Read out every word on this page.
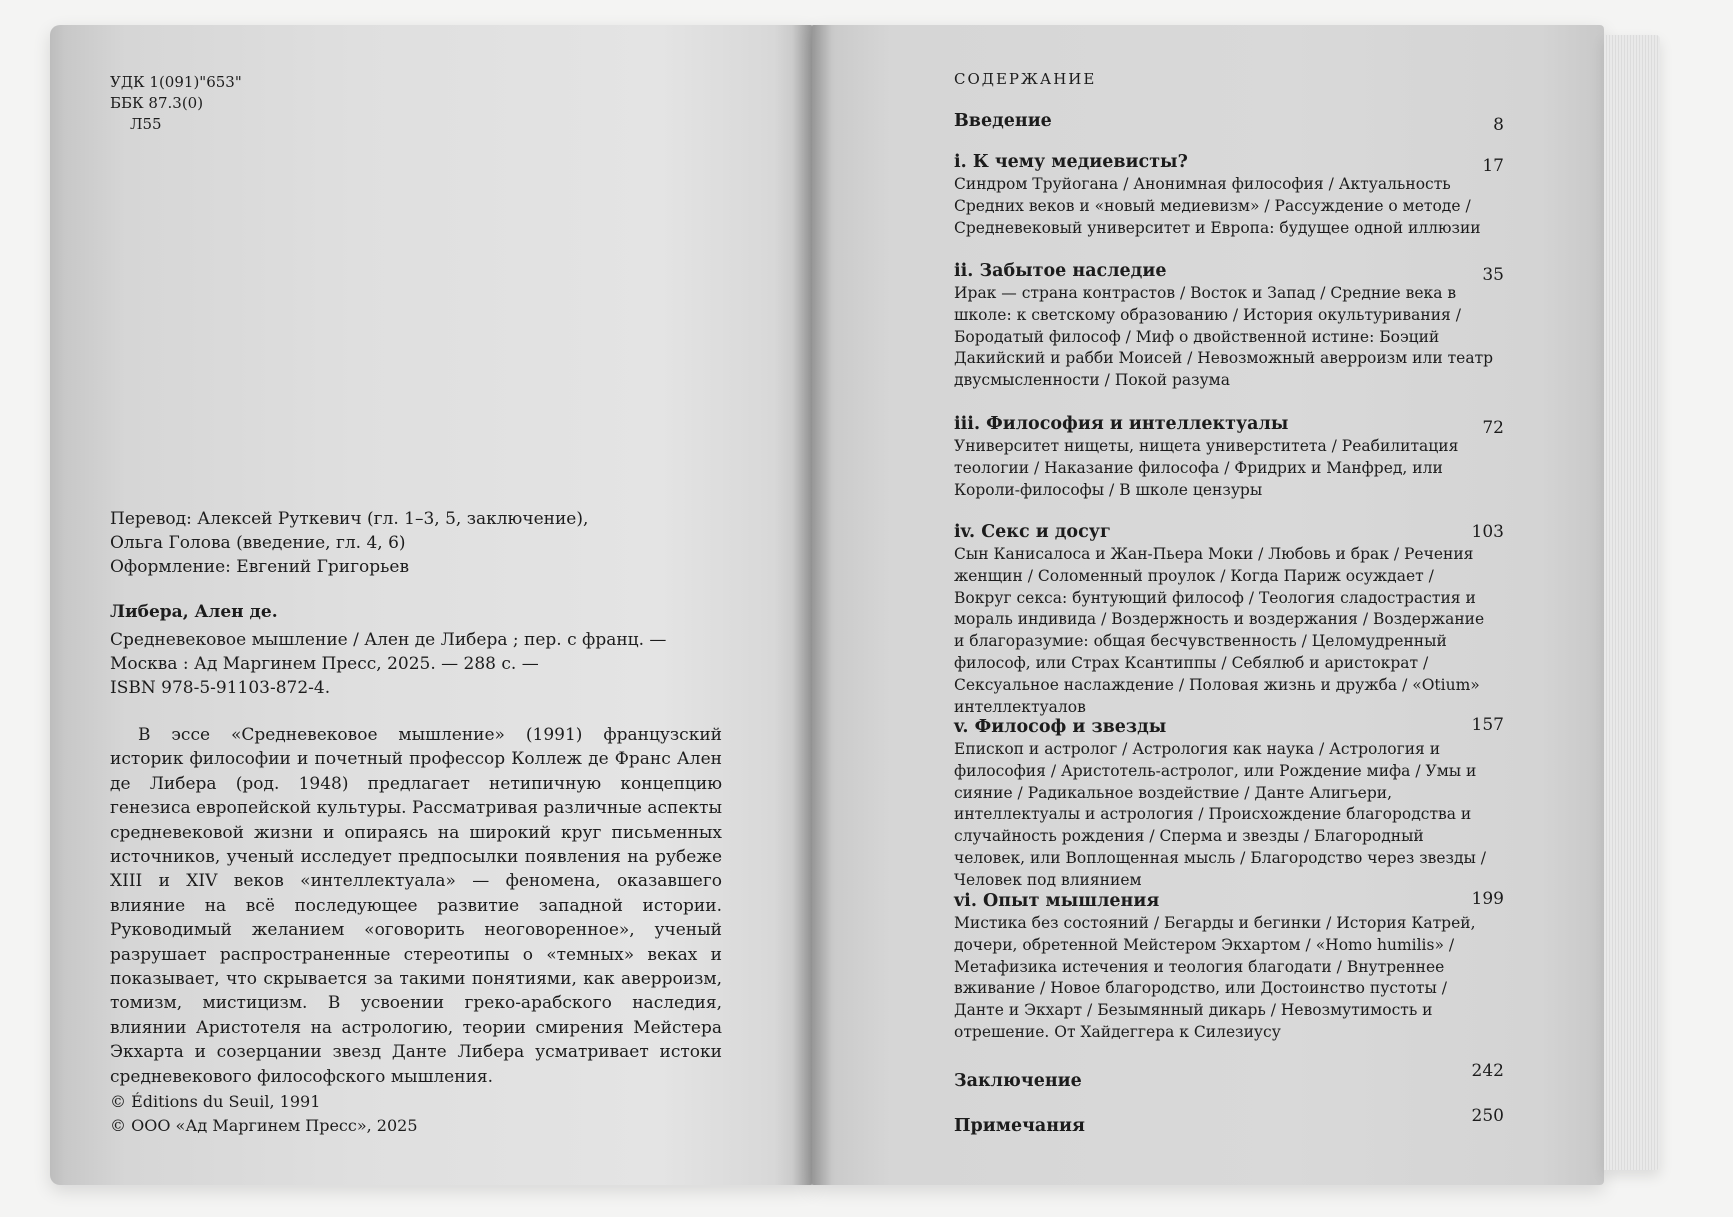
УДК 1(091)"653"
ББК 87.3(0)
Л55
Перевод: Алексей Руткевич (гл. 1–3, 5, заключение),
Ольга Голова (введение, гл. 4, 6)
Оформление: Евгений Григорьев
Либера, Ален де.
Средневековое мышление / Ален де Либера ; пер. с франц. —
Москва : Ад Маргинем Пресс, 2025. — 288 с. —
ISBN 978-5-91103-872-4.
В эссе «Средневековое мышление» (1991) французский историк философии и почетный профессор Коллеж де Франс Ален де Либера (род. 1948) предлагает нетипичную концепцию генезиса европейской культуры. Рассматривая различные аспекты средневековой жизни и опираясь на широкий круг письменных источников, ученый исследует предпосылки появления на рубеже XIII и XIV веков «интеллектуала» — феномена, оказавшего влияние на всё последующее развитие западной истории. Руководимый желанием «оговорить неоговоренное», ученый разрушает распространенные стереотипы о «темных» веках и показывает, что скрывается за такими понятиями, как аверроизм, томизм, мистицизм. В усвоении греко-арабского наследия, влиянии Аристотеля на астрологию, теории смирения Мейстера Экхарта и созерцании звезд Данте Либера усматривает истоки средневекового философского мышления.
© Éditions du Seuil, 1991
© ООО «Ад Маргинем Пресс», 2025
СОДЕРЖАНИЕ
Введение	8
i. К чему медиевисты?	17
Синдром Труйогана / Анонимная философия / Актуальность Средних веков и «новый медиевизм» / Рассуждение о методе / Средневековый университет и Европа: будущее одной иллюзии
ii. Забытое наследие	35
Ирак — страна контрастов / Восток и Запад / Средние века в школе: к светскому образованию / История окультуривания / Бородатый философ / Миф о двойственной истине: Боэций Дакийский и рабби Моисей / Невозможный аверроизм или театр двусмысленности / Покой разума
iii. Философия и интеллектуалы	72
Университет нищеты, нищета универститета / Реабилитация теологии / Наказание философа / Фридрих и Манфред, или Короли-философы / В школе цензуры
iv. Секс и досуг	103
Сын Канисалоса и Жан-Пьера Моки / Любовь и брак / Речения женщин / Соломенный проулок / Когда Париж осуждает / Вокруг секса: бунтующий философ / Теология сладострастия и мораль индивида / Воздержность и воздержания / Воздержание и благоразумие: общая бесчувственность / Целомудренный философ, или Страх Ксантиппы / Себялюб и аристократ / Сексуальное наслаждение / Половая жизнь и дружба / «Otium» интеллектуалов
v. Философ и звезды	157
Епископ и астролог / Астрология как наука / Астрология и философия / Аристотель-астролог, или Рождение мифа / Умы и сияние / Радикальное воздействие / Данте Алигьери, интеллектуалы и астрология / Происхождение благородства и случайность рождения / Сперма и звезды / Благородный человек, или Воплощенная мысль / Благородство через звезды / Человек под влиянием
vi. Опыт мышления	199
Мистика без состояний / Бегарды и бегинки / История Катрей, дочери, обретенной Мейстером Экхартом / «Homo humilis» / Метафизика истечения и теология благодати / Внутреннее вживание / Новое благородство, или Достоинство пустоты / Данте и Экхарт / Безымянный дикарь / Невозмутимость и отрешение. От Хайдеггера к Силезиусу
Заключение	242
Примечания	250
